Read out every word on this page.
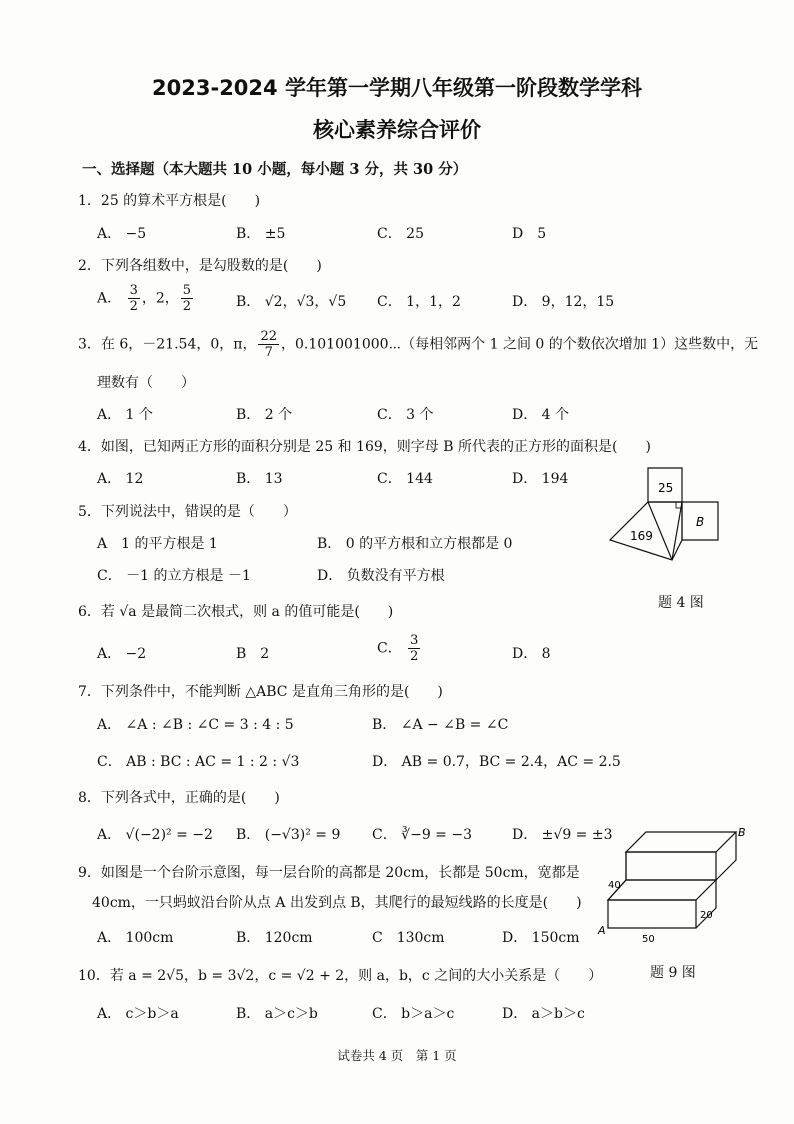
2023-2024 学年第一学期八年级第一阶段数学学科
核心素养综合评价
一、选择题（本大题共 10 小题，每小题 3 分，共 30 分）
1．25 的算术平方根是(　　)
A． −5	B． ±5	C． 25	D　5
2．下列各组数中，是勾股数的是(　　)
A． $\frac{3}{2}$ ，2， $\frac{5}{2}$	B． √2，√3，√5 C． 1，1，2	D． 9，12，15
3．在 6，－21.54，0，π， $\frac{22}{7}$ ，0.101001000⋯（每相邻两个 1 之间 0 的个数依次增加 1）这些数中，无
理数有（　　）
A． 1 个	B． 2 个	C． 3 个	D． 4 个
4．如图，已知两正方形的面积分别是 25 和 169，则字母 B 所代表的正方形的面积是(　　)
A． 12	B． 13	C． 144	D． 194
25
169
B
题 4 图
5．下列说法中，错误的是（　　）
A　1 的平方根是 1	B． 0 的平方根和立方根都是 0
C． －1 的立方根是 －1	D． 负数没有平方根
6．若 √a 是最简二次根式，则 a 的值可能是(　　)
A． −2	B　2	C． $\frac{3}{2}$	D． 8
7．下列条件中，不能判断 △ABC 是直角三角形的是(　　)
A． ∠A : ∠B : ∠C = 3 : 4 : 5	B． ∠A − ∠B = ∠C
C． AB : BC : AC = 1 : 2 : √3	D． AB = 0.7，BC = 2.4，AC = 2.5
8．下列各式中，正确的是(　　)
A． √(−2)² = −2 B． (−√3)² = 9 C． ∛−9 = −3	D． ±√9 = ±3
A
B
40
20
50
题 9 图
9．如图是一个台阶示意图，每一层台阶的高都是 20cm，长都是 50cm，宽都是
40cm，一只蚂蚁沿台阶从点 A 出发到点 B，其爬行的最短线路的长度是(　　)
A． 100cm	B． 120cm	C　130cm	D． 150cm
10．若 a = 2√5，b = 3√2，c = √2 + 2，则 a，b，c 之间的大小关系是（　　）
A． c＞b＞a	B． a＞c＞b	C． b＞a＞c	D． a＞b＞c
试卷共 4 页　第 1 页
